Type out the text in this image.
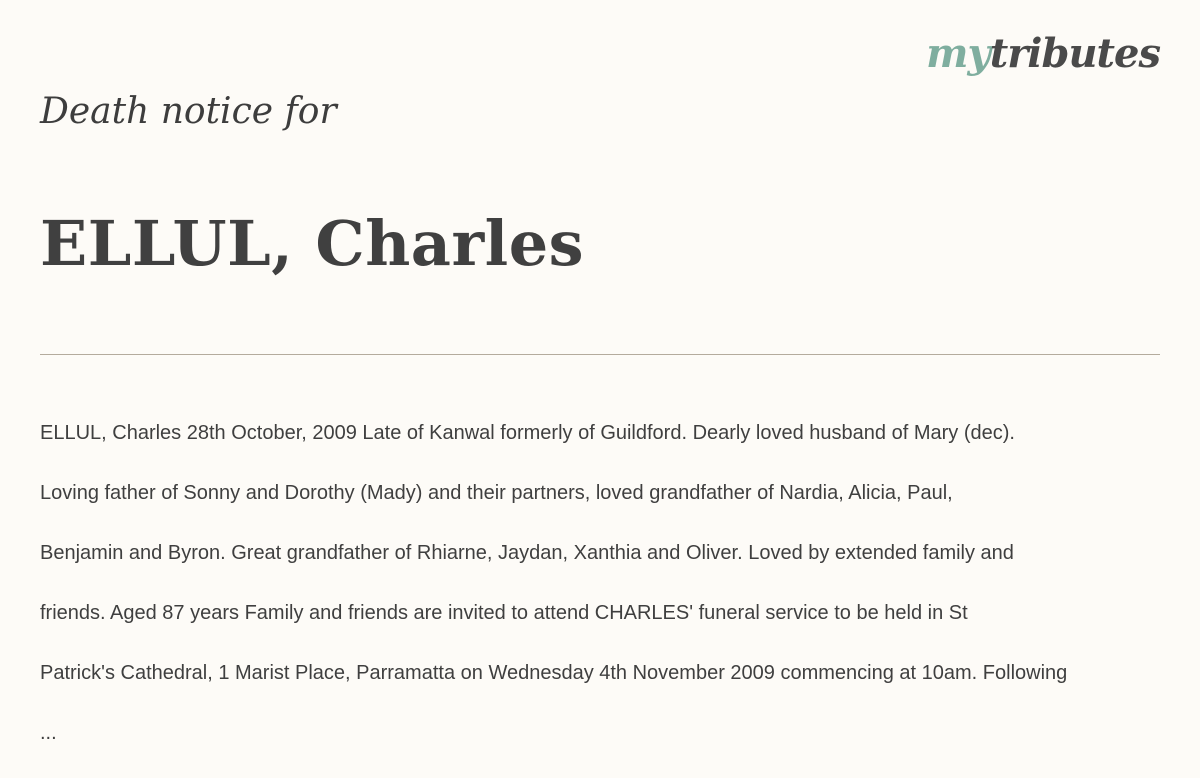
mytributes
Death notice for
ELLUL, Charles

ELLUL, Charles 28th October, 2009 Late of Kanwal formerly of Guildford. Dearly loved husband of Mary (dec).

Loving father of Sonny and Dorothy (Mady) and their partners, loved grandfather of Nardia, Alicia, Paul,

Benjamin and Byron. Great grandfather of Rhiarne, Jaydan, Xanthia and Oliver. Loved by extended family and

friends. Aged 87 years Family and friends are invited to attend CHARLES' funeral service to be held in St

Patrick's Cathedral, 1 Marist Place, Parramatta on Wednesday 4th November 2009 commencing at 10am. Following

...
